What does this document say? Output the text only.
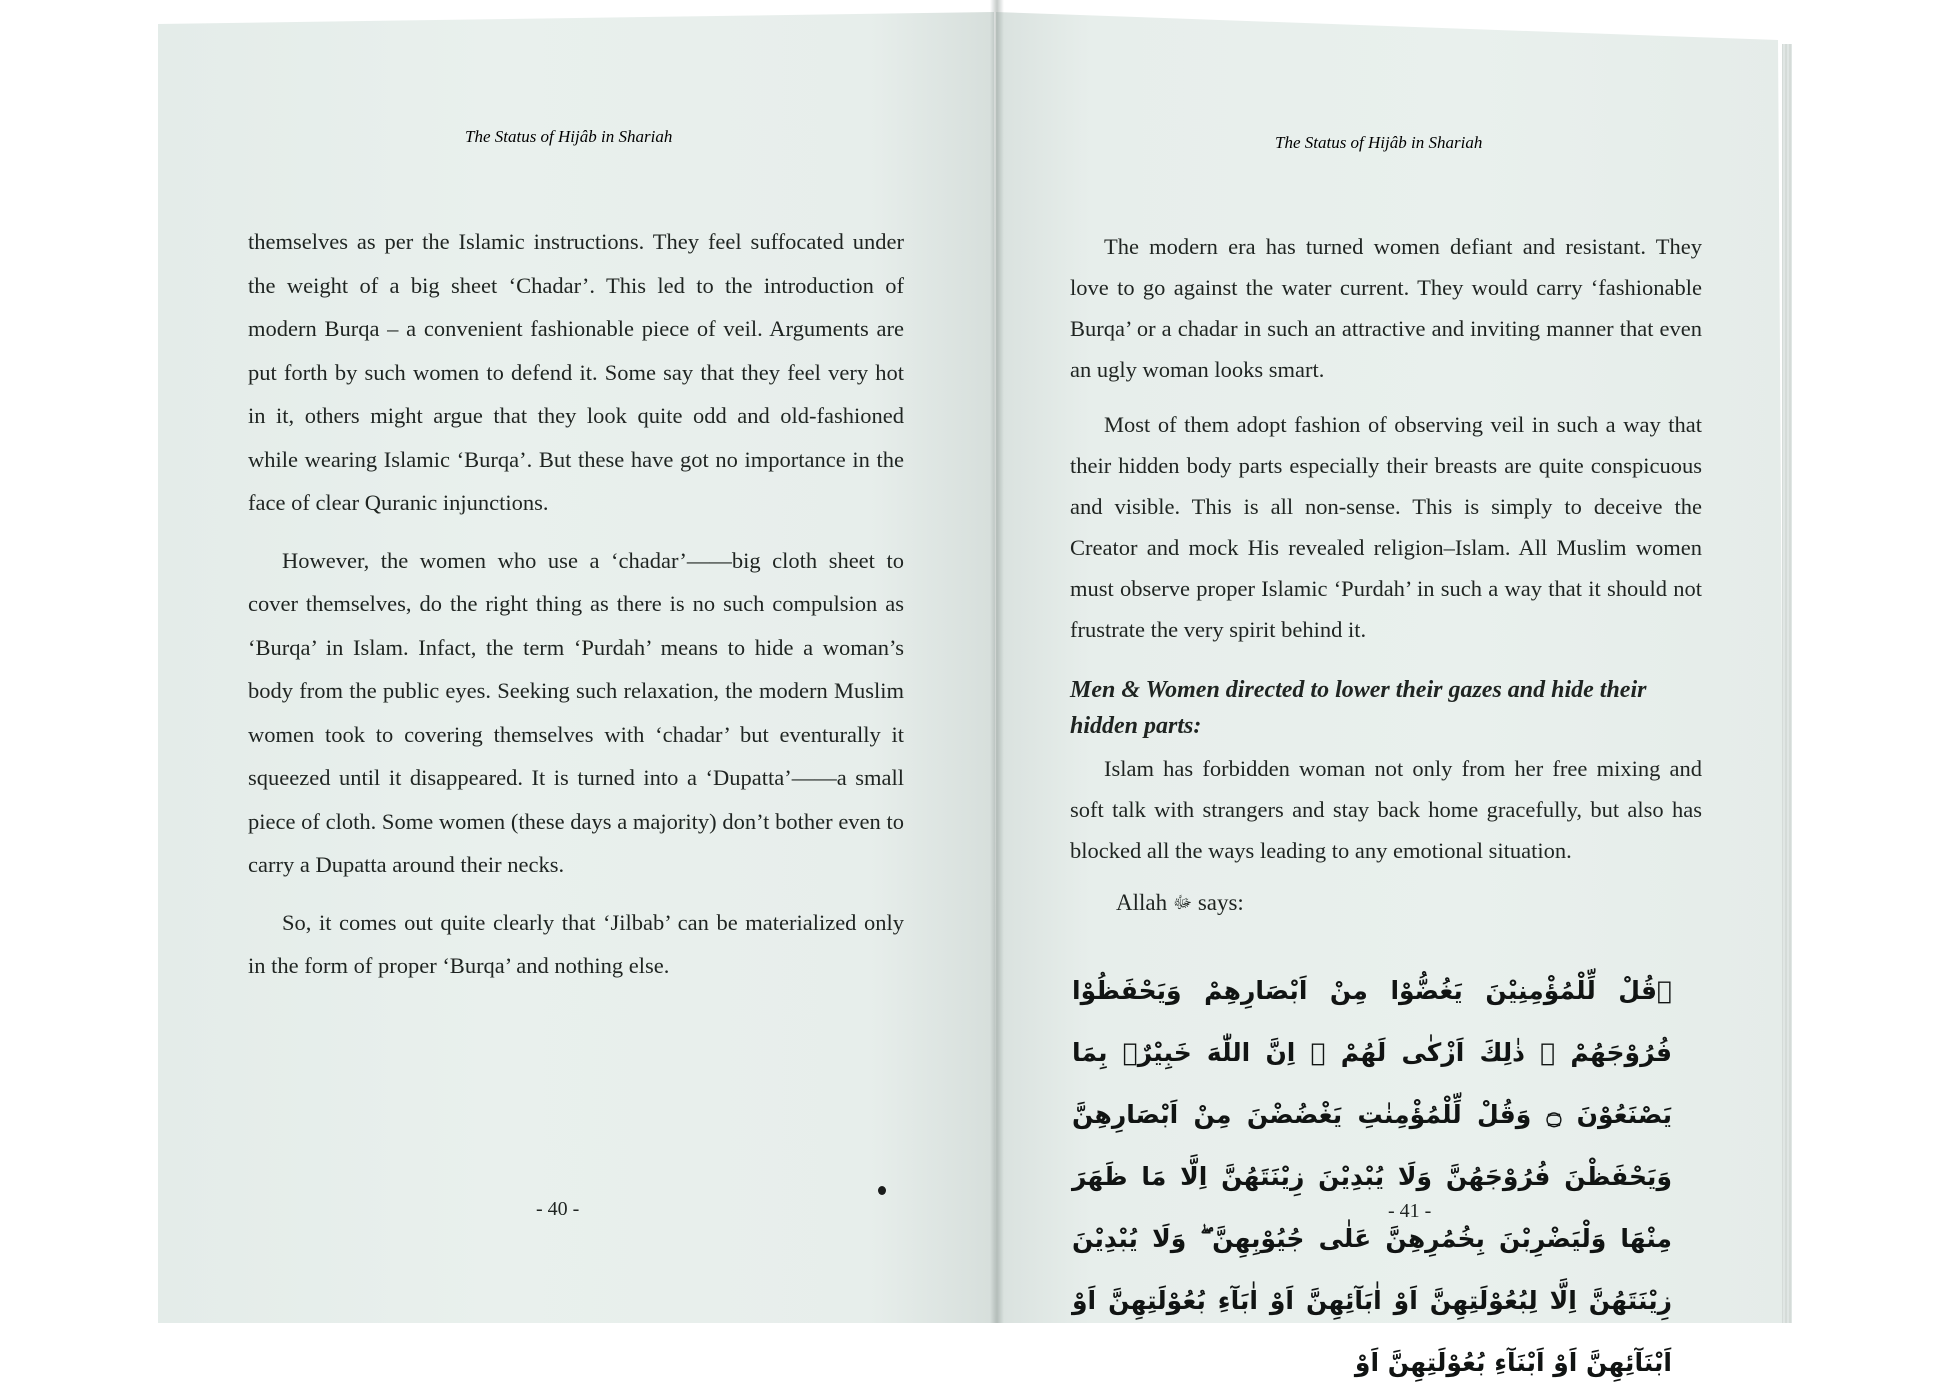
The Status of Hijâb in Shariah

themselves as per the Islamic instructions. They feel suffocated under the weight of a big sheet ‘Chadar’. This led to the introduction of modern Burqa – a convenient fashionable piece of veil. Arguments are put forth by such women to defend it. Some say that they feel very hot in it, others might argue that they look quite odd and old-fashioned while wearing Islamic ‘Burqa’. But these have got no importance in the face of clear Quranic injunctions.

However, the women who use a ‘chadar’——big cloth sheet to cover themselves, do the right thing as there is no such compulsion as ‘Burqa’ in Islam. Infact, the term ‘Purdah’ means to hide a woman’s body from the public eyes. Seeking such relaxation, the modern Muslim women took to covering themselves with ‘chadar’ but eventurally it squeezed until it disappeared. It is turned into a ‘Dupatta’——a small piece of cloth. Some women (these days a majority) don’t bother even to carry a Dupatta around their necks.

So, it comes out quite clearly that ‘Jilbab’ can be materialized only in the form of proper ‘Burqa’ and nothing else.

- 40 -
The Status of Hijâb in Shariah

The modern era has turned women defiant and resistant. They love to go against the water current. They would carry ‘fashionable Burqa’ or a chadar in such an attractive and inviting manner that even an ugly woman looks smart.

Most of them adopt fashion of observing veil in such a way that their hidden body parts especially their breasts are quite conspicuous and visible. This is all non-sense. This is simply to deceive the Creator and mock His revealed religion–Islam. All Muslim women must observe proper Islamic ‘Purdah’ in such a way that it should not frustrate the very spirit behind it.

Men & Women directed to lower their gazes and hide their hidden parts:

Islam has forbidden woman not only from her free mixing and soft talk with strangers and stay back home gracefully, but also has blocked all the ways leading to any emotional situation.

Allah ﷻ says:
﴿قُلْ لِّلْمُؤْمِنِيْنَ يَغُضُّوْا مِنْ اَبْصَارِهِمْ وَيَحْفَظُوْا فُرُوْجَهُمْ ۗ ذٰلِكَ اَزْكٰى لَهُمْ ۗ اِنَّ اللّٰهَ خَبِيْرٌۢ بِمَا يَصْنَعُوْنَ ۝ وَقُلْ لِّلْمُؤْمِنٰتِ يَغْضُضْنَ مِنْ اَبْصَارِهِنَّ وَيَحْفَظْنَ فُرُوْجَهُنَّ وَلَا يُبْدِيْنَ زِيْنَتَهُنَّ اِلَّا مَا ظَهَرَ مِنْهَا وَلْيَضْرِبْنَ بِخُمُرِهِنَّ عَلٰى جُيُوْبِهِنَّ ۖ وَلَا يُبْدِيْنَ زِيْنَتَهُنَّ اِلَّا لِبُعُوْلَتِهِنَّ اَوْ اٰبَآئِهِنَّ اَوْ اٰبَآءِ بُعُوْلَتِهِنَّ اَوْ اَبْنَآئِهِنَّ اَوْ اَبْنَآءِ بُعُوْلَتِهِنَّ اَوْ
- 41 -
